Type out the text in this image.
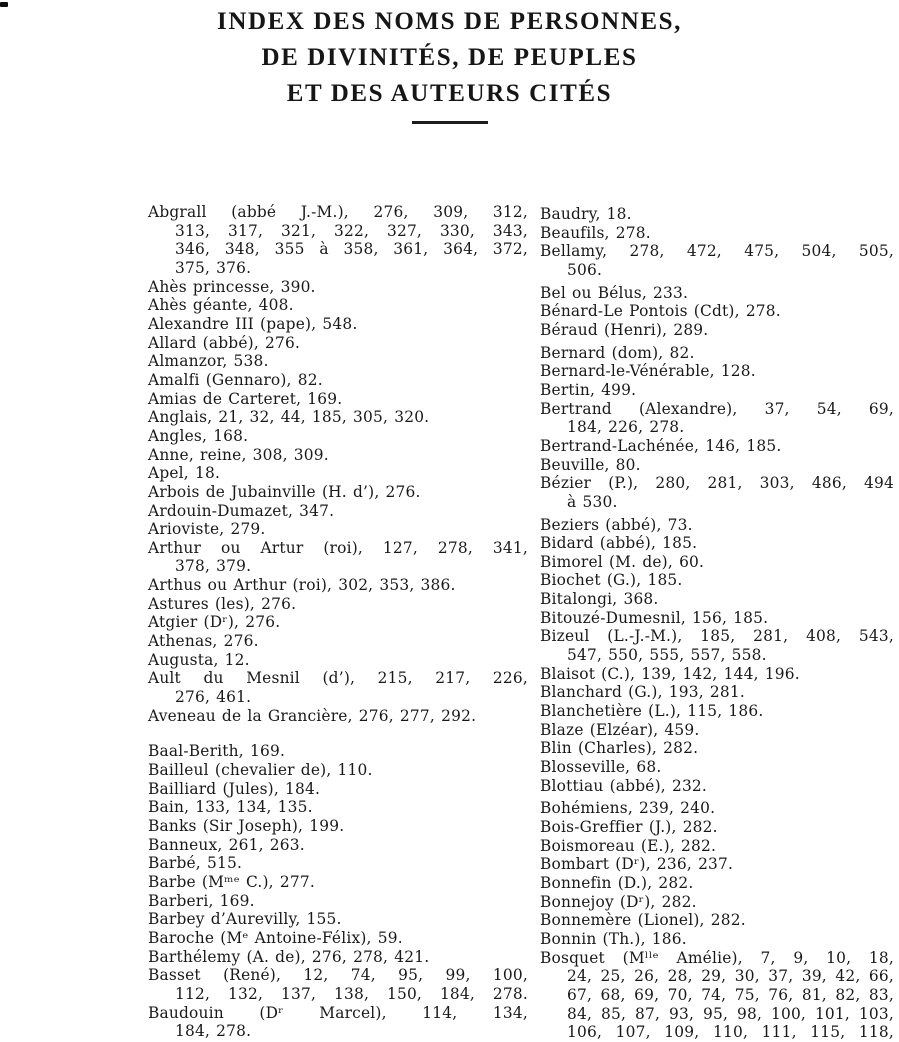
INDEX DES NOMS DE PERSONNES,
DE DIVINITÉS, DE PEUPLES
ET DES AUTEURS CITÉS
Abgrall (abbé J.-M.), 276, 309, 312,
313, 317, 321, 322, 327, 330, 343,
346, 348, 355 à 358, 361, 364, 372,
375, 376.
Ahès princesse, 390.
Ahès géante, 408.
Alexandre III (pape), 548.
Allard (abbé), 276.
Almanzor, 538.
Amalfi (Gennaro), 82.
Amias de Carteret, 169.
Anglais, 21, 32, 44, 185, 305, 320.
Angles, 168.
Anne, reine, 308, 309.
Apel, 18.
Arbois de Jubainville (H. d’), 276.
Ardouin-Dumazet, 347.
Arioviste, 279.
Arthur ou Artur (roi), 127, 278, 341,
378, 379.
Arthus ou Arthur (roi), 302, 353, 386.
Astures (les), 276.
Atgier (Dʳ), 276.
Athenas, 276.
Augusta, 12.
Ault du Mesnil (d’), 215, 217, 226,
276, 461.
Aveneau de la Grancière, 276, 277, 292.
Baal-Berith, 169.
Bailleul (chevalier de), 110.
Bailliard (Jules), 184.
Bain, 133, 134, 135.
Banks (Sir Joseph), 199.
Banneux, 261, 263.
Barbé, 515.
Barbe (Mᵐᵉ C.), 277.
Barberi, 169.
Barbey d’Aurevilly, 155.
Baroche (Mᵉ Antoine-Félix), 59.
Barthélemy (A. de), 276, 278, 421.
Basset (René), 12, 74, 95, 99, 100,
112, 132, 137, 138, 150, 184, 278.
Baudouin (Dʳ Marcel), 114, 134,
184, 278.
Baudry, 18.
Beaufils, 278.
Bellamy, 278, 472, 475, 504, 505,
506.
Bel ou Bélus, 233.
Bénard-Le Pontois (Cdt), 278.
Béraud (Henri), 289.
Bernard (dom), 82.
Bernard-le-Vénérable, 128.
Bertin, 499.
Bertrand (Alexandre), 37, 54, 69,
184, 226, 278.
Bertrand-Lachénée, 146, 185.
Beuville, 80.
Bézier (P.), 280, 281, 303, 486, 494
à 530.
Beziers (abbé), 73.
Bidard (abbé), 185.
Bimorel (M. de), 60.
Biochet (G.), 185.
Bitalongi, 368.
Bitouzé-Dumesnil, 156, 185.
Bizeul (L.-J.-M.), 185, 281, 408, 543,
547, 550, 555, 557, 558.
Blaisot (C.), 139, 142, 144, 196.
Blanchard (G.), 193, 281.
Blanchetière (L.), 115, 186.
Blaze (Elzéar), 459.
Blin (Charles), 282.
Blosseville, 68.
Blottiau (abbé), 232.
Bohémiens, 239, 240.
Bois-Greffier (J.), 282.
Boismoreau (E.), 282.
Bombart (Dʳ), 236, 237.
Bonnefin (D.), 282.
Bonnejoy (Dʳ), 282.
Bonnemère (Lionel), 282.
Bonnin (Th.), 186.
Bosquet (Mˡˡᵉ Amélie), 7, 9, 10, 18,
24, 25, 26, 28, 29, 30, 37, 39, 42, 66,
67, 68, 69, 70, 74, 75, 76, 81, 82, 83,
84, 85, 87, 93, 95, 98, 100, 101, 103,
106, 107, 109, 110, 111, 115, 118,
